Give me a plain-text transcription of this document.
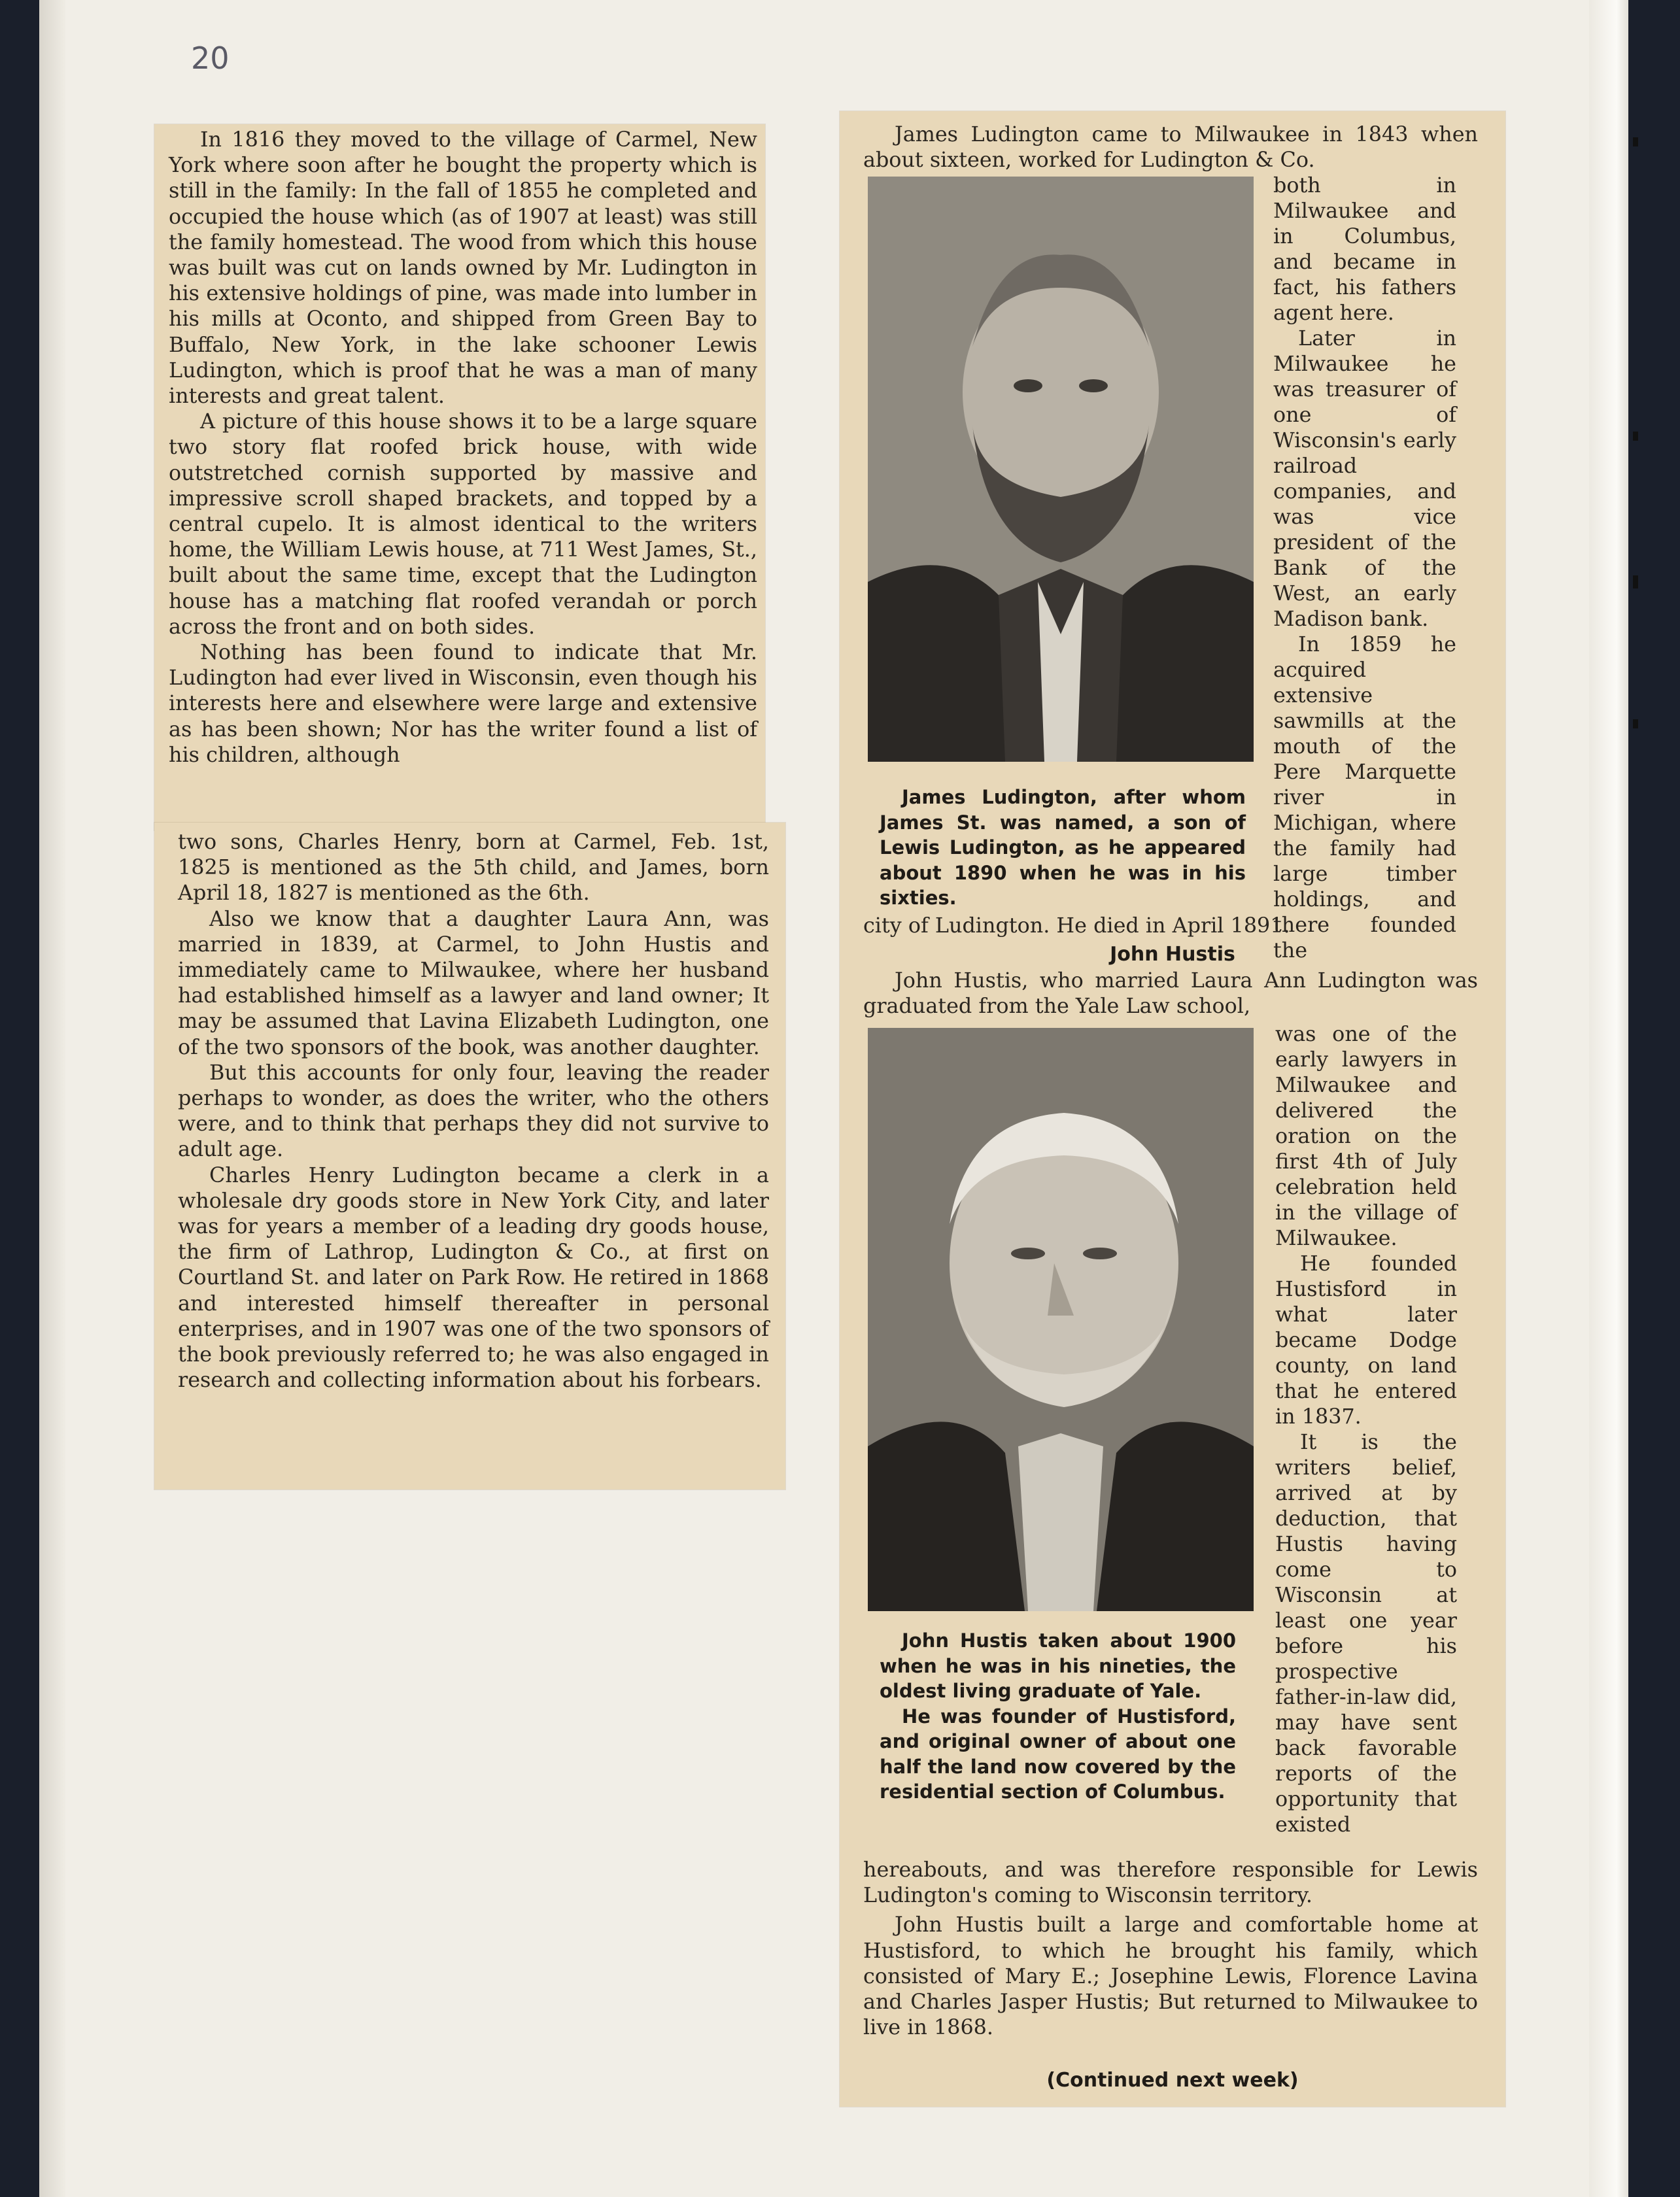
20

In 1816 they moved to the village of Carmel, New York where soon after he bought the property which is still in the family: In the fall of 1855 he completed and occupied the house which (as of 1907 at least) was still the family homestead. The wood from which this house was built was cut on lands owned by Mr. Ludington in his extensive holdings of pine, was made into lumber in his mills at Oconto, and shipped from Green Bay to Buffalo, New York, in the lake schooner Lewis Ludington, which is proof that he was a man of many interests and great talent.

A picture of this house shows it to be a large square two story flat roofed brick house, with wide outstretched cornish supported by massive and impressive scroll shaped brackets, and topped by a central cupelo. It is almost identical to the writers home, the William Lewis house, at 711 West James, St., built about the same time, except that the Ludington house has a matching flat roofed verandah or porch across the front and on both sides.

Nothing has been found to indicate that Mr. Ludington had ever lived in Wisconsin, even though his interests here and elsewhere were large and extensive as has been shown; Nor has the writer found a list of his children, although

two sons, Charles Henry, born at Carmel, Feb. 1st, 1825 is mentioned as the 5th child, and James, born April 18, 1827 is mentioned as the 6th.

Also we know that a daughter Laura Ann, was married in 1839, at Carmel, to John Hustis and immediately came to Milwaukee, where her husband had established himself as a lawyer and land owner; It may be assumed that Lavina Elizabeth Ludington, one of the two sponsors of the book, was another daughter.

But this accounts for only four, leaving the reader perhaps to wonder, as does the writer, who the others were, and to think that perhaps they did not survive to adult age.

Charles Henry Ludington became a clerk in a wholesale dry goods store in New York City, and later was for years a member of a leading dry goods house, the firm of Lathrop, Ludington & Co., at first on Courtland St. and later on Park Row. He retired in 1868 and interested himself thereafter in personal enterprises, and in 1907 was one of the two sponsors of the book previously referred to; he was also engaged in research and collecting information about his forbears.

James Ludington came to Milwaukee in 1843 when about sixteen, worked for Ludington & Co.

both in Milwaukee and in Columbus, and became in fact, his fathers agent here.

Later in Milwaukee he was treasurer of one of Wisconsin's early railroad companies, and was vice president of the Bank of the West, an early Madison bank.

In 1859 he acquired extensive sawmills at the mouth of the Pere Marquette river in Michigan, where the family had large timber holdings, and there founded the

James Ludington, after whom James St. was named, a son of Lewis Ludington, as he appeared about 1890 when he was in his sixties.

city of Ludington. He died in April 1891.

John Hustis

John Hustis, who married Laura Ann Ludington was graduated from the Yale Law school,

was one of the early lawyers in Milwaukee and delivered the oration on the first 4th of July celebration held in the village of Milwaukee.

He founded Hustisford in what later became Dodge county, on land that he entered in 1837.

It is the writers belief, arrived at by deduction, that Hustis having come to Wisconsin at least one year before his prospective father-in-law did, may have sent back favorable reports of the opportunity that existed

John Hustis taken about 1900 when he was in his nineties, the oldest living graduate of Yale.

He was founder of Hustisford, and original owner of about one half the land now covered by the residential section of Columbus.

hereabouts, and was therefore responsible for Lewis Ludington's coming to Wisconsin territory.

John Hustis built a large and comfortable home at Hustisford, to which he brought his family, which consisted of Mary E.; Josephine Lewis, Florence Lavina and Charles Jasper Hustis; But returned to Milwaukee to live in 1868.

(Continued next week)
